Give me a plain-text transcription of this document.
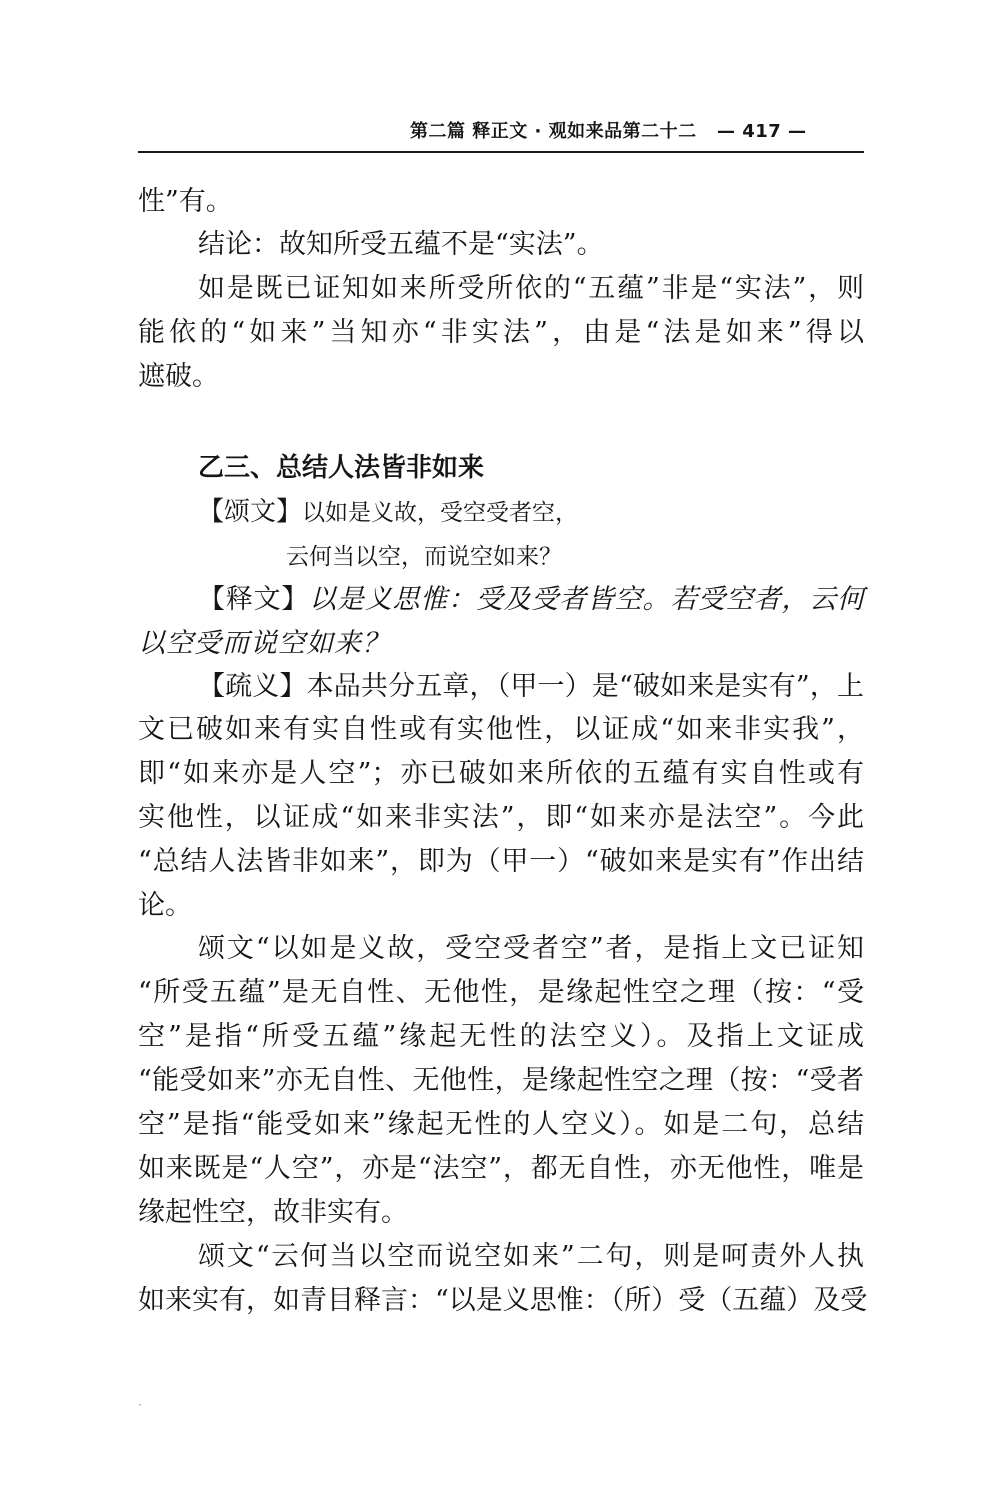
第二篇 释正文 · 观如来品第二十二 — 417 —
性”有。
结论：故知所受五蕴不是“实法”。
如是既已证知如来所受所依的“五蕴”非是“实法”，则
能依的“如来”当知亦“非实法”，由是“法是如来”得以
遮破。
乙三、总结人法皆非如来
【颂文】以如是义故，受空受者空，
云何当以空，而说空如来？
【释文】以是义思惟：受及受者皆空。若受空者，云何
以空受而说空如来？
【疏义】本品共分五章，（甲一）是“破如来是实有”，上
文已破如来有实自性或有实他性，以证成“如来非实我”，
即“如来亦是人空”；亦已破如来所依的五蕴有实自性或有
实他性，以证成“如来非实法”，即“如来亦是法空”。今此
“总结人法皆非如来”，即为（甲一）“破如来是实有”作出结
论。
颂文“以如是义故，受空受者空”者，是指上文已证知
“所受五蕴”是无自性、无他性，是缘起性空之理（按：“受
空”是指“所受五蕴”缘起无性的法空义）。及指上文证成
“能受如来”亦无自性、无他性，是缘起性空之理（按：“受者
空”是指“能受如来”缘起无性的人空义）。如是二句，总结
如来既是“人空”，亦是“法空”，都无自性，亦无他性，唯是
缘起性空，故非实有。
颂文“云何当以空而说空如来”二句，则是呵责外人执
如来实有，如青目释言：“以是义思惟：（所）受（五蕴）及受
·
